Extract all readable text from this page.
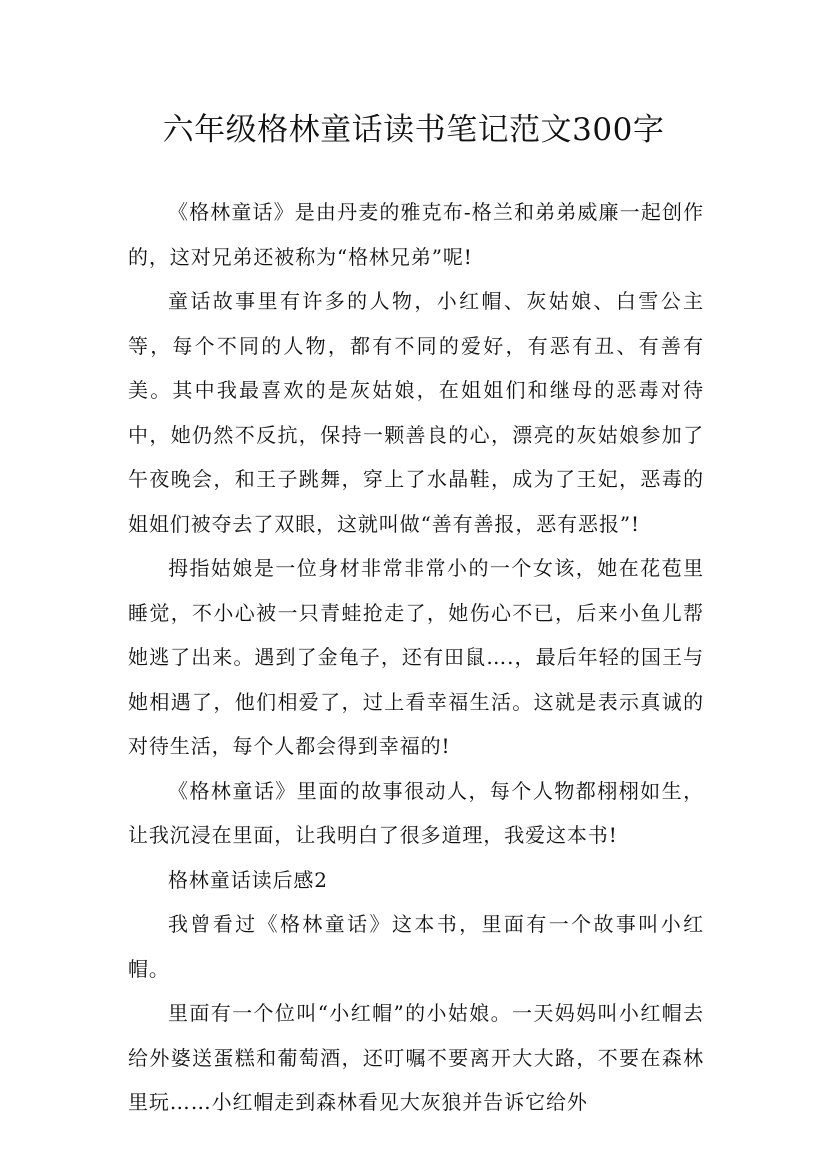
六年级格林童话读书笔记范文300字

《格林童话》是由丹麦的雅克布-格兰和弟弟威廉一起创作的，这对兄弟还被称为“格林兄弟”呢!

童话故事里有许多的人物，小红帽、灰姑娘、白雪公主等，每个不同的人物，都有不同的爱好，有恶有丑、有善有美。其中我最喜欢的是灰姑娘，在姐姐们和继母的恶毒对待中，她仍然不反抗，保持一颗善良的心，漂亮的灰姑娘参加了午夜晚会，和王子跳舞，穿上了水晶鞋，成为了王妃，恶毒的姐姐们被夺去了双眼，这就叫做“善有善报，恶有恶报”!

拇指姑娘是一位身材非常非常小的一个女该，她在花苞里睡觉，不小心被一只青蛙抢走了，她伤心不已，后来小鱼儿帮她逃了出来。遇到了金龟子，还有田鼠….，最后年轻的国王与她相遇了，他们相爱了，过上看幸福生活。这就是表示真诚的对待生活，每个人都会得到幸福的!

《格林童话》里面的故事很动人，每个人物都栩栩如生，让我沉浸在里面，让我明白了很多道理，我爱这本书!

格林童话读后感2

我曾看过《格林童话》这本书，里面有一个故事叫小红帽。

里面有一个位叫“小红帽”的小姑娘。一天妈妈叫小红帽去给外婆送蛋糕和葡萄酒，还叮嘱不要离开大大路，不要在森林里玩……小红帽走到森林看见大灰狼并告诉它给外
